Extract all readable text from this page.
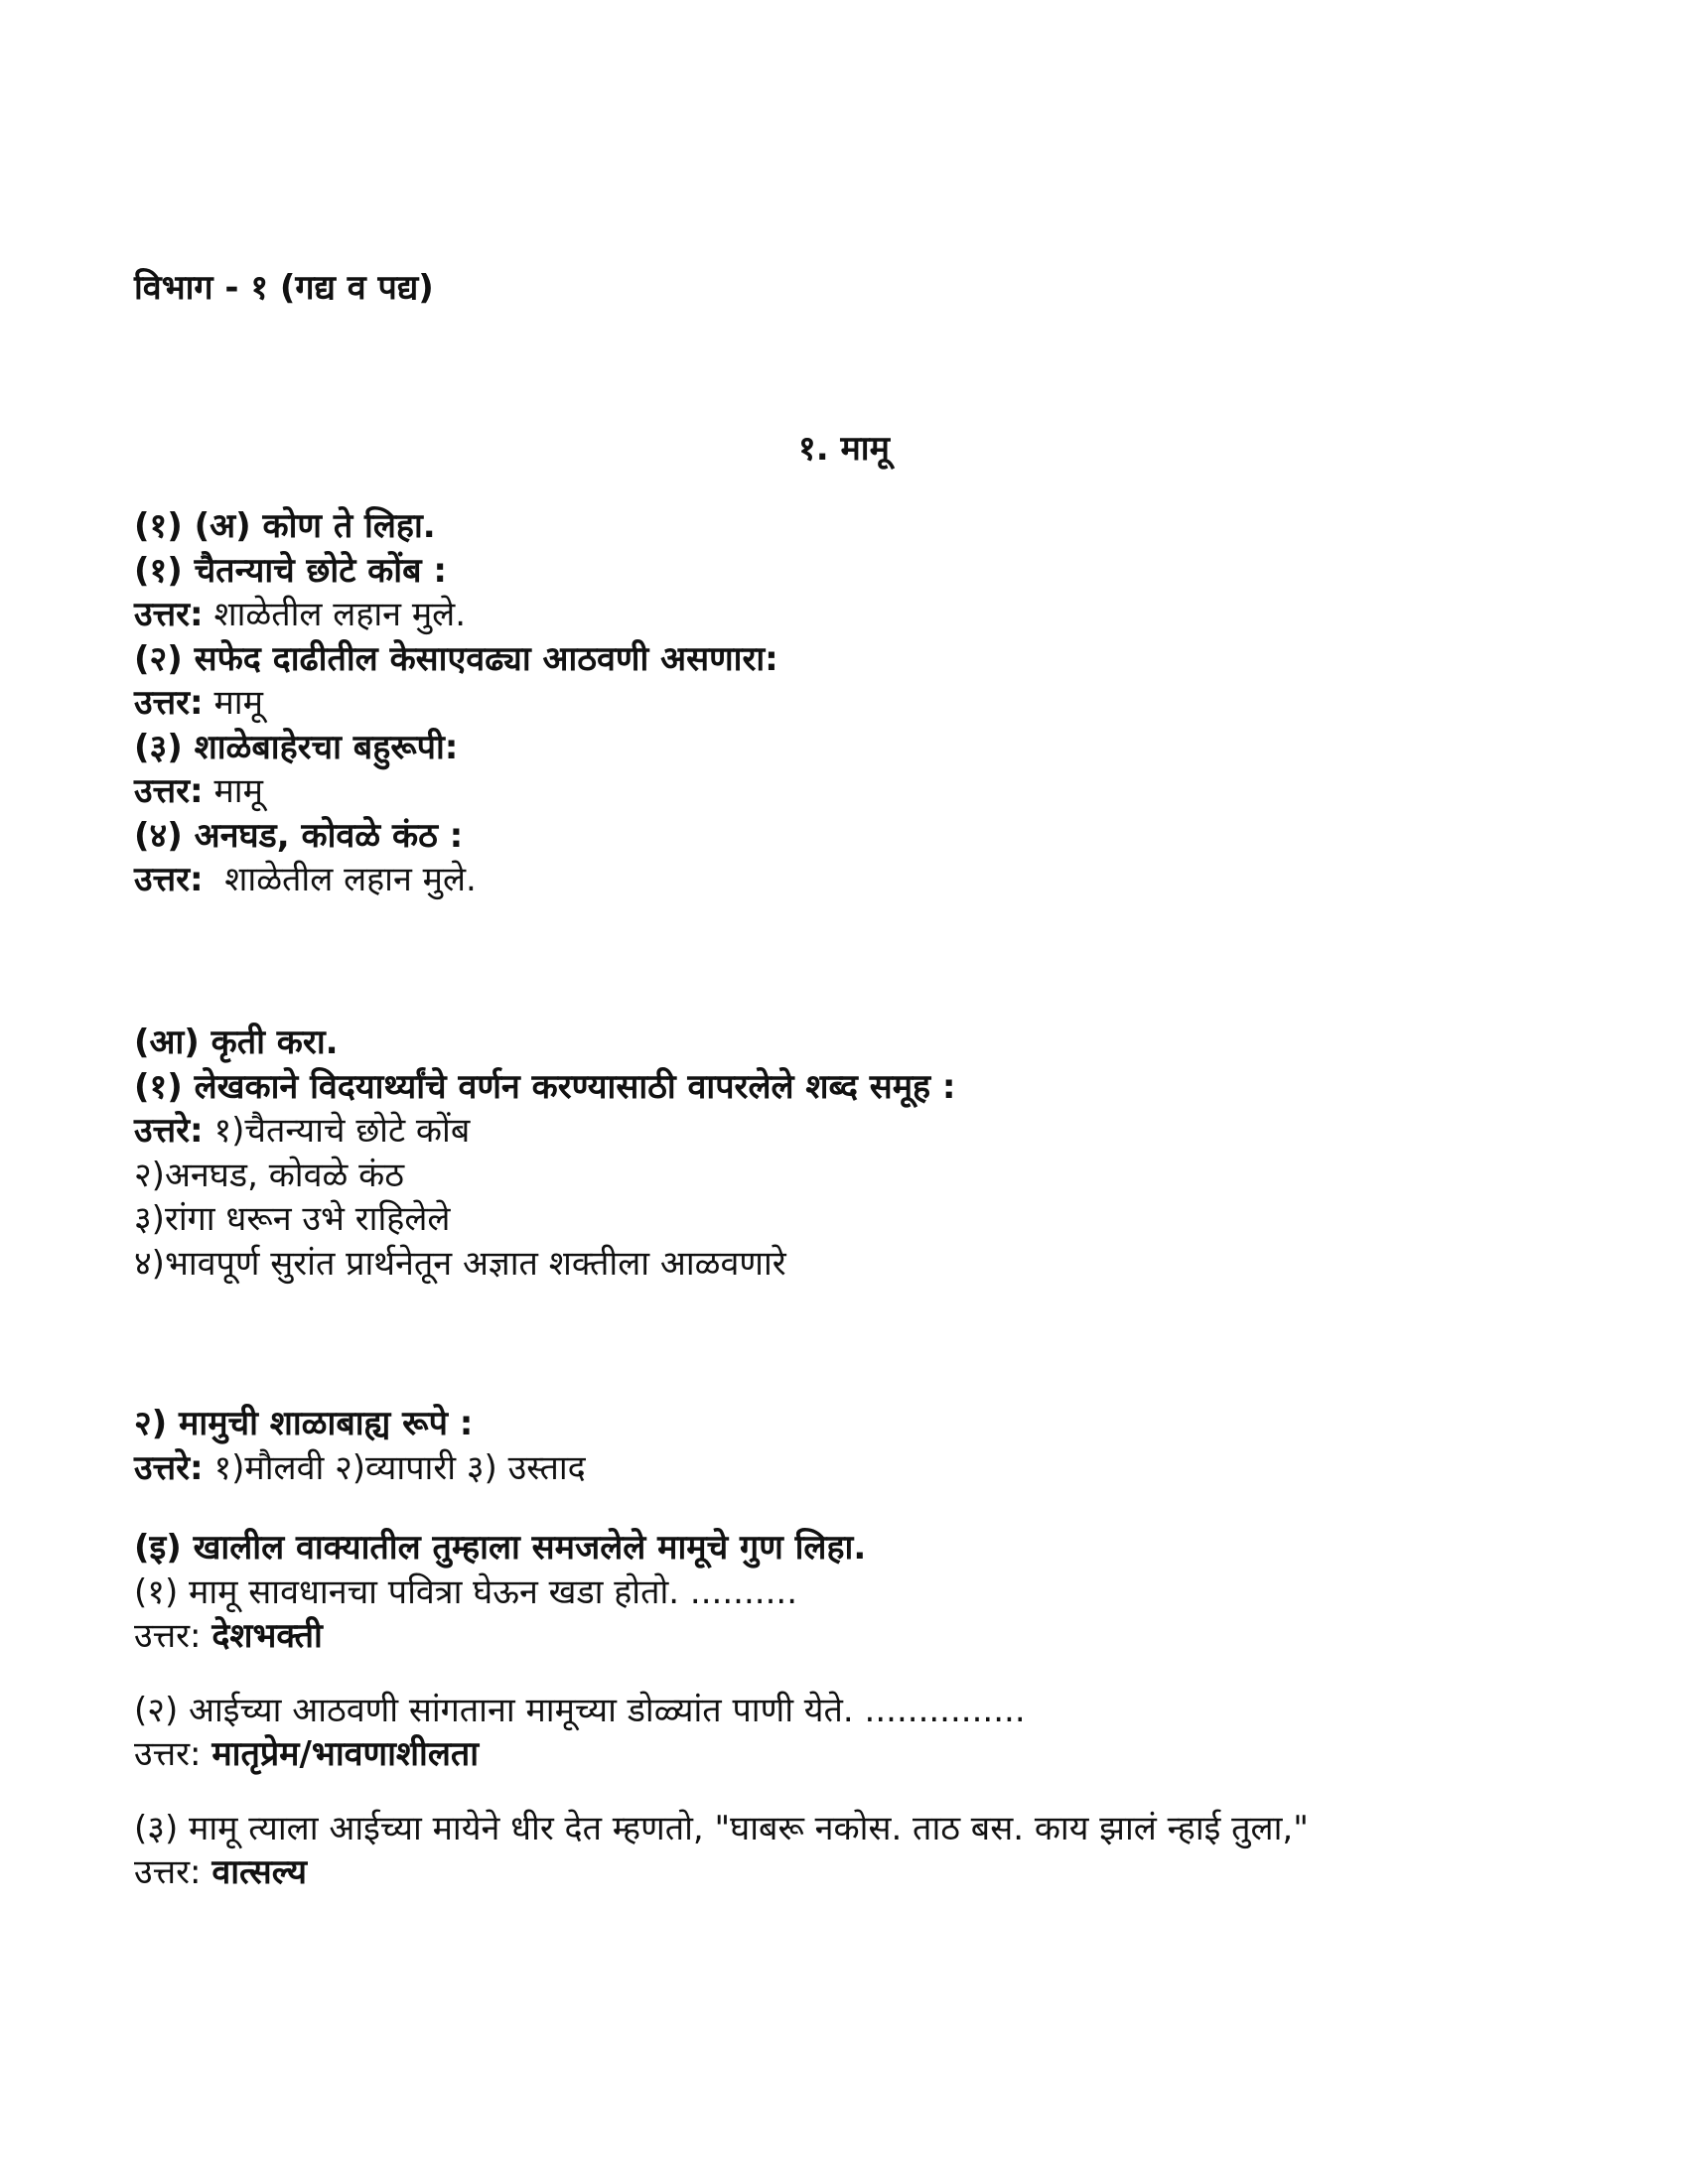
विभाग - १ (गद्य व पद्य)
१. मामू
(१) (अ) कोण ते लिहा.
(१) चैतन्याचे छोटे कोंब :
उत्तर: शाळेतील लहान मुले.
(२) सफेद दाढीतील केसाएवढ्या आठवणी असणारा:
उत्तर: मामू
(३) शाळेबाहेरचा बहुरूपी:
उत्तर: मामू
(४) अनघड, कोवळे कंठ :
उत्तर: शाळेतील लहान मुले.
(आ) कृती करा.
(१) लेखकाने विदयार्थ्यांचे वर्णन करण्यासाठी वापरलेले शब्द समूह :
उत्तरे: १)चैतन्याचे छोटे कोंब
२)अनघड, कोवळे कंठ
३)रांगा धरून उभे राहिलेले
४)भावपूर्ण सुरांत प्रार्थनेतून अज्ञात शक्तीला आळवणारे
२) मामुची शाळाबाह्य रूपे :
उत्तरे: १)मौलवी २)व्यापारी ३) उस्ताद
(इ) खालील वाक्यातील तुम्हाला समजलेले मामूचे गुण लिहा.
(१) मामू सावधानचा पवित्रा घेऊन खडा होतो. ..........
उत्तर: देशभक्ती
(२) आईच्या आठवणी सांगताना मामूच्या डोळ्यांत पाणी येते. ...............
उत्तर: मातृप्रेम/भावणाशीलता
(३) मामू त्याला आईच्या मायेने धीर देत म्हणतो, "घाबरू नकोस. ताठ बस. काय झालं न्हाई तुला,"
उत्तर: वात्सल्य
